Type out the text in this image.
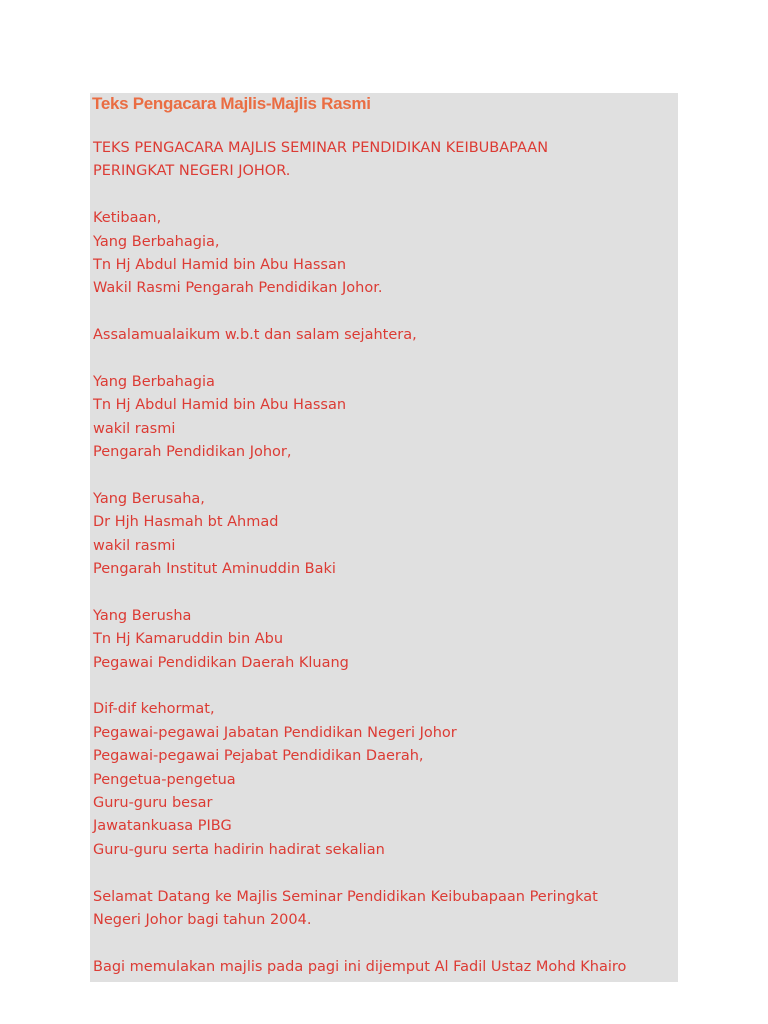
Teks Pengacara Majlis-Majlis Rasmi
TEKS PENGACARA MAJLIS SEMINAR PENDIDIKAN KEIBUBAPAAN
PERINGKAT NEGERI JOHOR.
Ketibaan,
Yang Berbahagia,
Tn Hj Abdul Hamid bin Abu Hassan
Wakil Rasmi Pengarah Pendidikan Johor.
Assalamualaikum w.b.t dan salam sejahtera,
Yang Berbahagia
Tn Hj Abdul Hamid bin Abu Hassan
wakil rasmi
Pengarah Pendidikan Johor,
Yang Berusaha,
Dr Hjh Hasmah bt Ahmad
wakil rasmi
Pengarah Institut Aminuddin Baki
Yang Berusha
Tn Hj Kamaruddin bin Abu
Pegawai Pendidikan Daerah Kluang
Dif-dif kehormat,
Pegawai-pegawai Jabatan Pendidikan Negeri Johor
Pegawai-pegawai Pejabat Pendidikan Daerah,
Pengetua-pengetua
Guru-guru besar
Jawatankuasa PIBG
Guru-guru serta hadirin hadirat sekalian
Selamat Datang ke Majlis Seminar Pendidikan Keibubapaan Peringkat
Negeri Johor bagi tahun 2004.
Bagi memulakan majlis pada pagi ini dijemput Al Fadil Ustaz Mohd Khairo
